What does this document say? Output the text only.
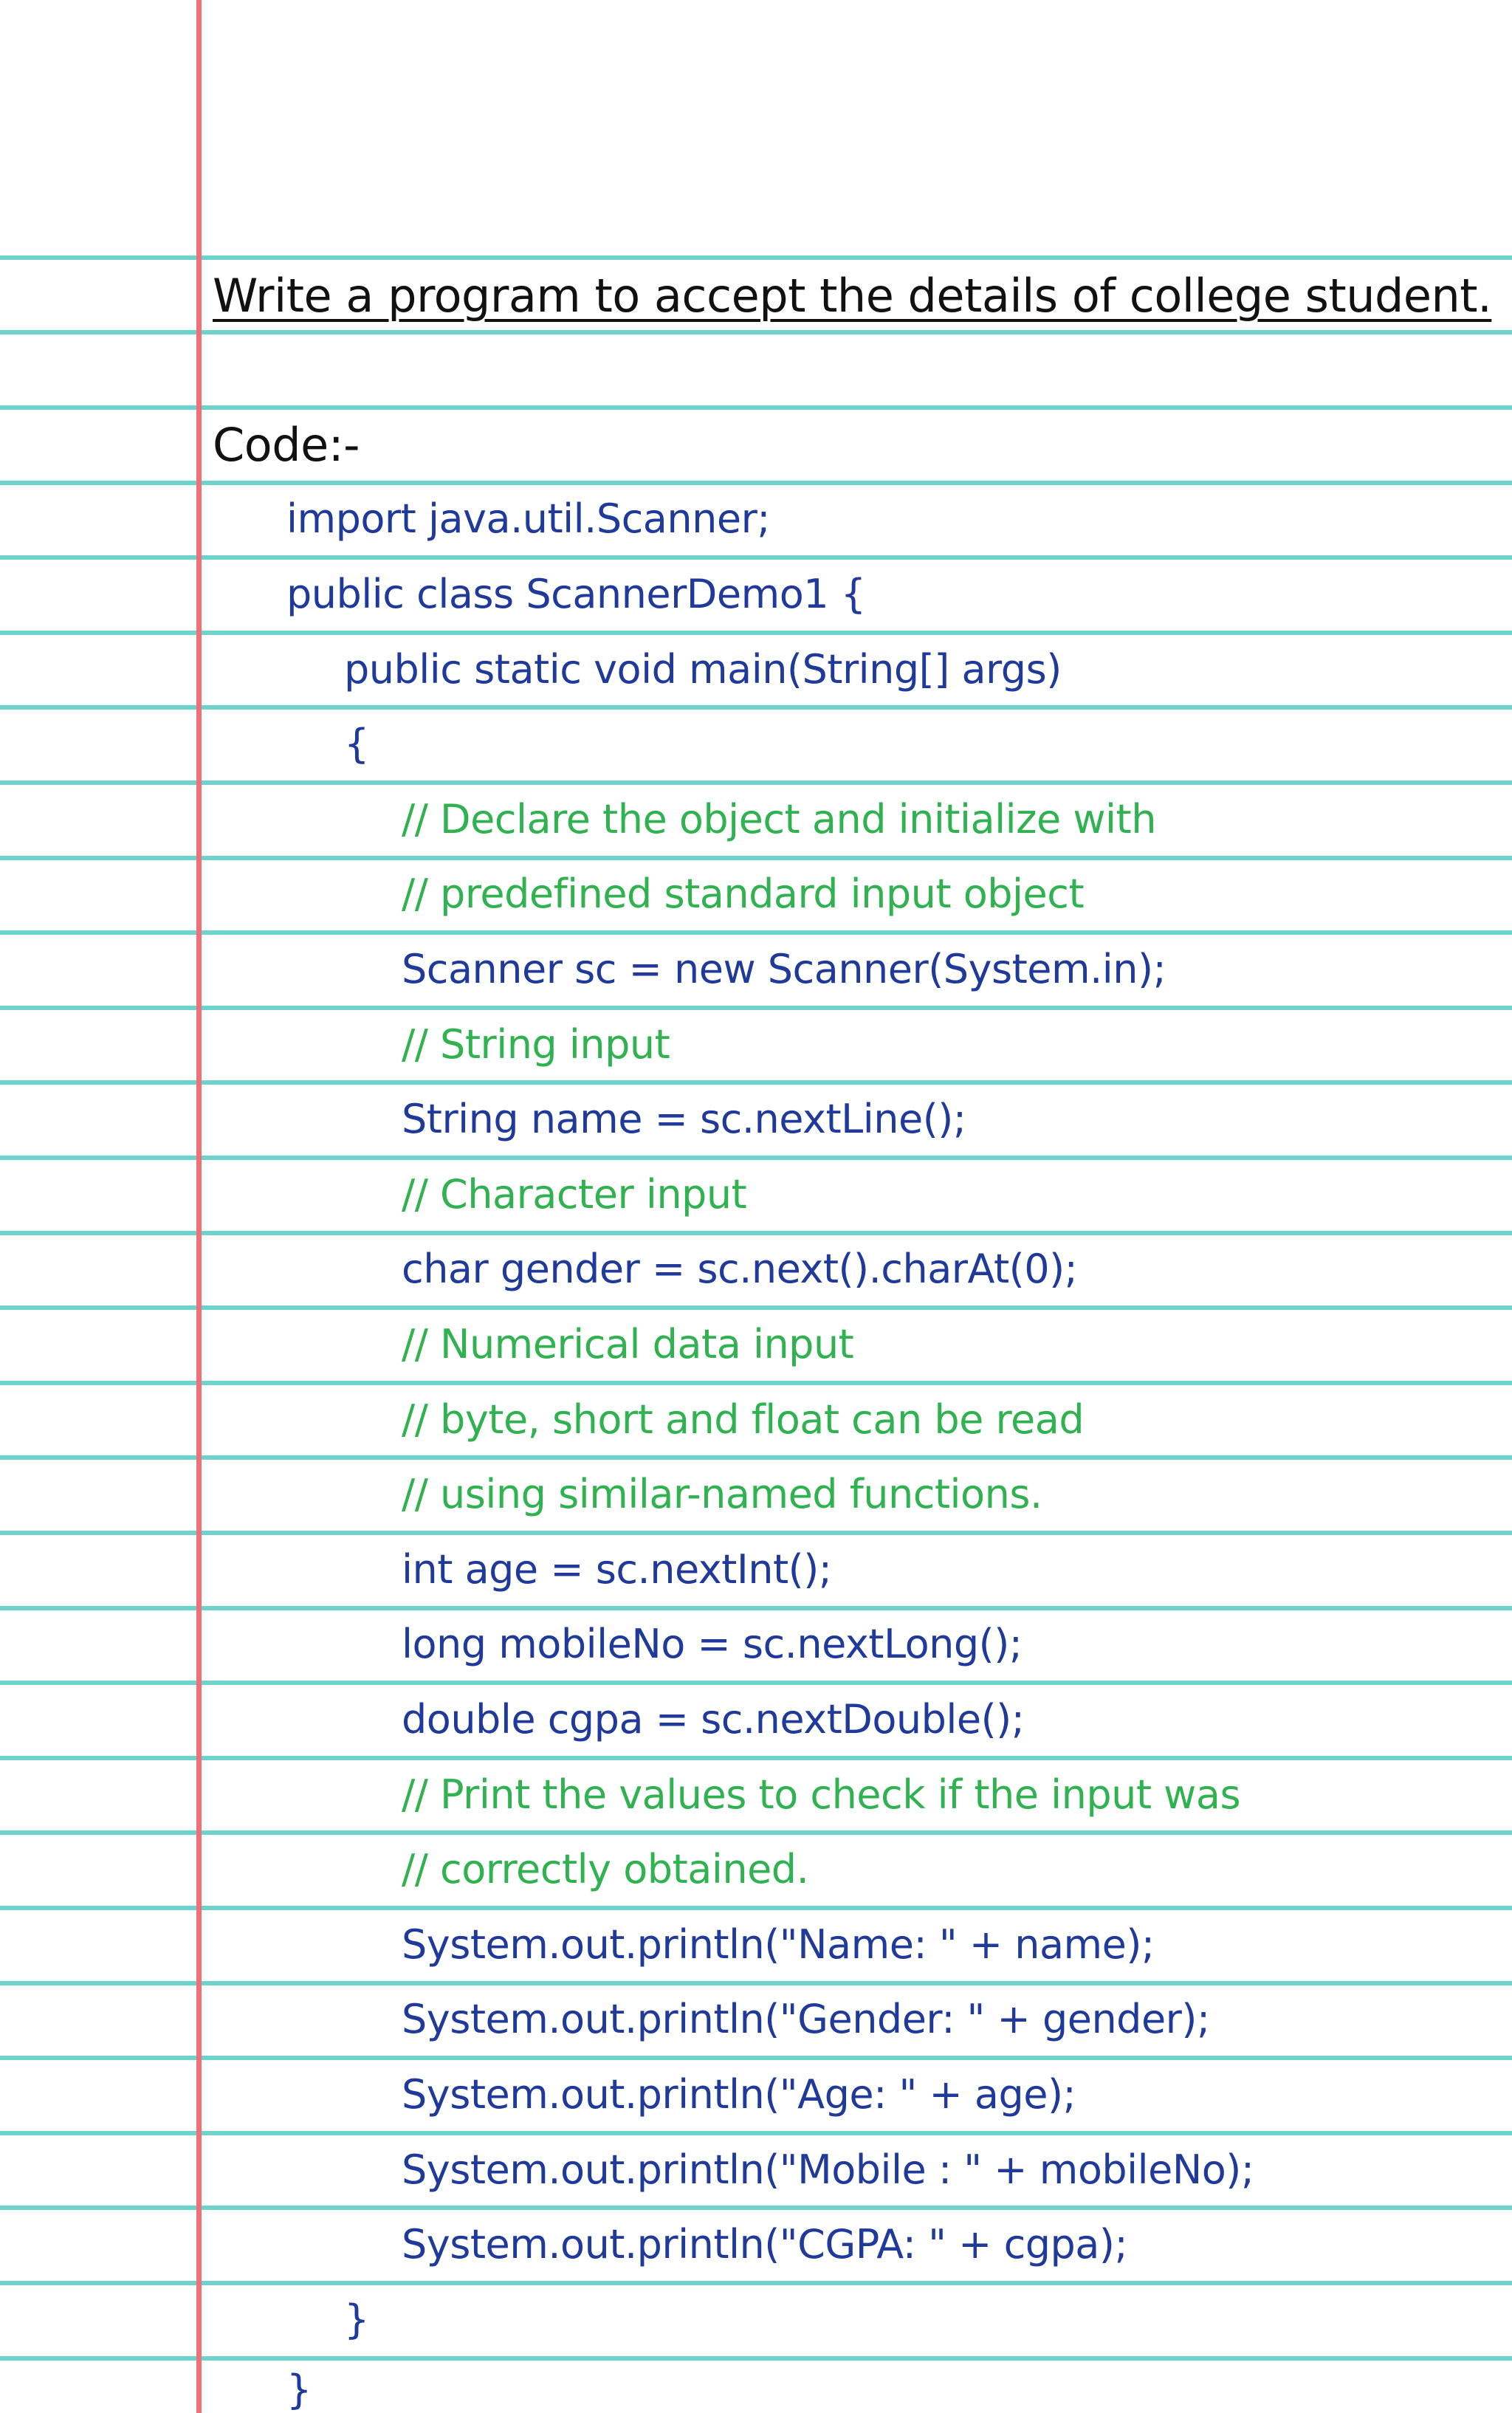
Write a program to accept the details of college student.
Code:-
import java.util.Scanner;
public class ScannerDemo1 {
public static void main(String[] args)
{
// Declare the object and initialize with
// predefined standard input object
Scanner sc = new Scanner(System.in);
// String input
String name = sc.nextLine();
// Character input
char gender = sc.next().charAt(0);
// Numerical data input
// byte, short and float can be read
// using similar-named functions.
int age = sc.nextInt();
long mobileNo = sc.nextLong();
double cgpa = sc.nextDouble();
// Print the values to check if the input was
// correctly obtained.
System.out.println("Name: " + name);
System.out.println("Gender: " + gender);
System.out.println("Age: " + age);
System.out.println("Mobile : " + mobileNo);
System.out.println("CGPA: " + cgpa);
}
}
